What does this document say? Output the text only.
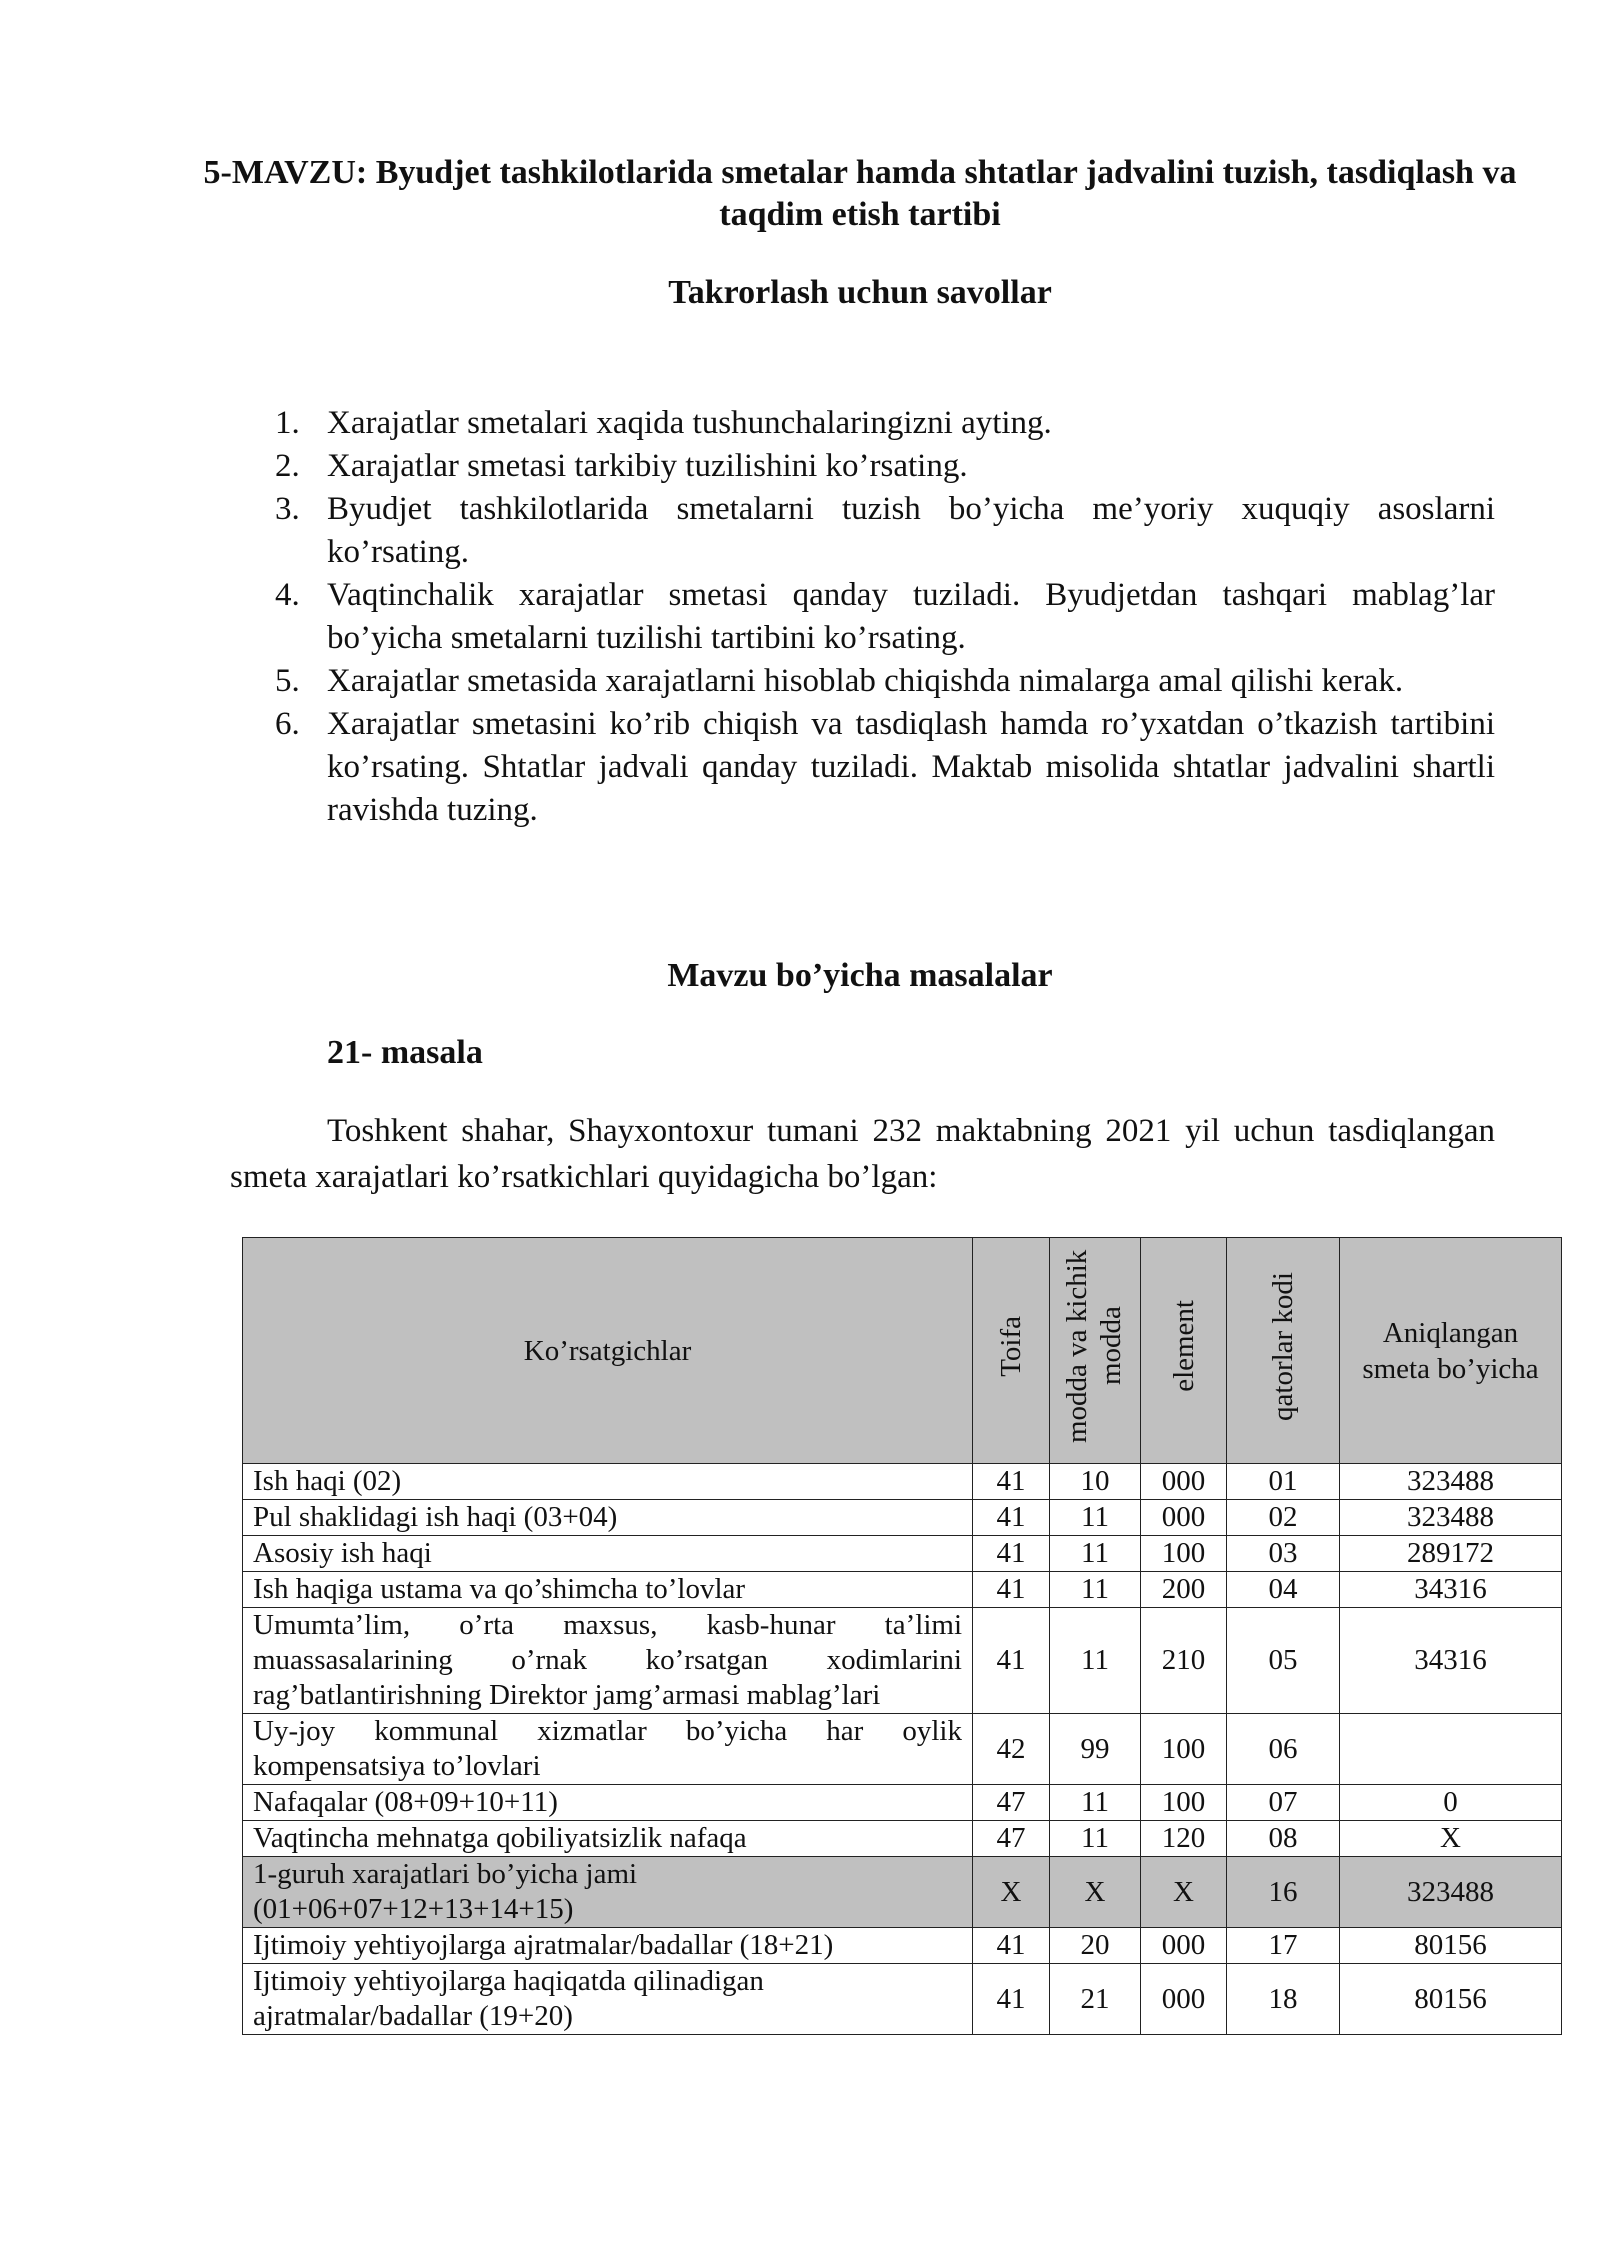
5-MAVZU: Byudjet tashkilotlarida smetalar hamda shtatlar jadvalini tuzish, tasdiqlash va taqdim etish tartibi
Takrorlash uchun savollar
1. Xarajatlar smetalari xaqida tushunchalaringizni ayting.
2. Xarajatlar smetasi tarkibiy tuzilishini ko’rsating.
3. Byudjet tashkilotlarida smetalarni tuzish bo’yicha me’yoriy xuquqiy asoslarni ko’rsating.
4. Vaqtinchalik xarajatlar smetasi qanday tuziladi. Byudjetdan tashqari mablag’lar bo’yicha smetalarni tuzilishi tartibini ko’rsating.
5. Xarajatlar smetasida xarajatlarni hisoblab chiqishda nimalarga amal qilishi kerak.
6. Xarajatlar smetasini ko’rib chiqish va tasdiqlash hamda ro’yxatdan o’tkazish tartibini ko’rsating. Shtatlar jadvali qanday tuziladi. Maktab misolida shtatlar jadvalini shartli ravishda tuzing.
Mavzu bo’yicha masalalar
21- masala

Toshkent shahar, Shayxontoxur tumani 232 maktabning 2021 yil uchun tasdiqlangan smeta xarajatlari ko’rsatkichlari quyidagicha bo’lgan:

Ko’rsatgichlar	Toifa	modda va kichik modda	element	qatorlar kodi	Aniqlangan smeta bo’yicha
Ish haqi (02)	41	10	000	01	323488
Pul shaklidagi ish haqi (03+04)	41	11	000	02	323488
Asosiy ish haqi	41	11	100	03	289172
Ish haqiga ustama va qo’shimcha to’lovlar	41	11	200	04	34316
Umumta’lim, o’rta maxsus, kasb-hunar ta’limi muassasalarining o’rnak ko’rsatgan xodimlarini rag’batlantirishning Direktor jamg’armasi mablag’lari	41	11	210	05	34316
Uy-joy kommunal xizmatlar bo’yicha har oylik kompensatsiya to’lovlari	42	99	100	06	
Nafaqalar (08+09+10+11)	47	11	100	07	0
Vaqtincha mehnatga qobiliyatsizlik nafaqa	47	11	120	08	X
1-guruh xarajatlari bo’yicha jami (01+06+07+12+13+14+15)	X	X	X	16	323488
Ijtimoiy yehtiyojlarga ajratmalar/badallar (18+21)	41	20	000	17	80156
Ijtimoiy yehtiyojlarga haqiqatda qilinadigan ajratmalar/badallar (19+20)	41	21	000	18	80156
